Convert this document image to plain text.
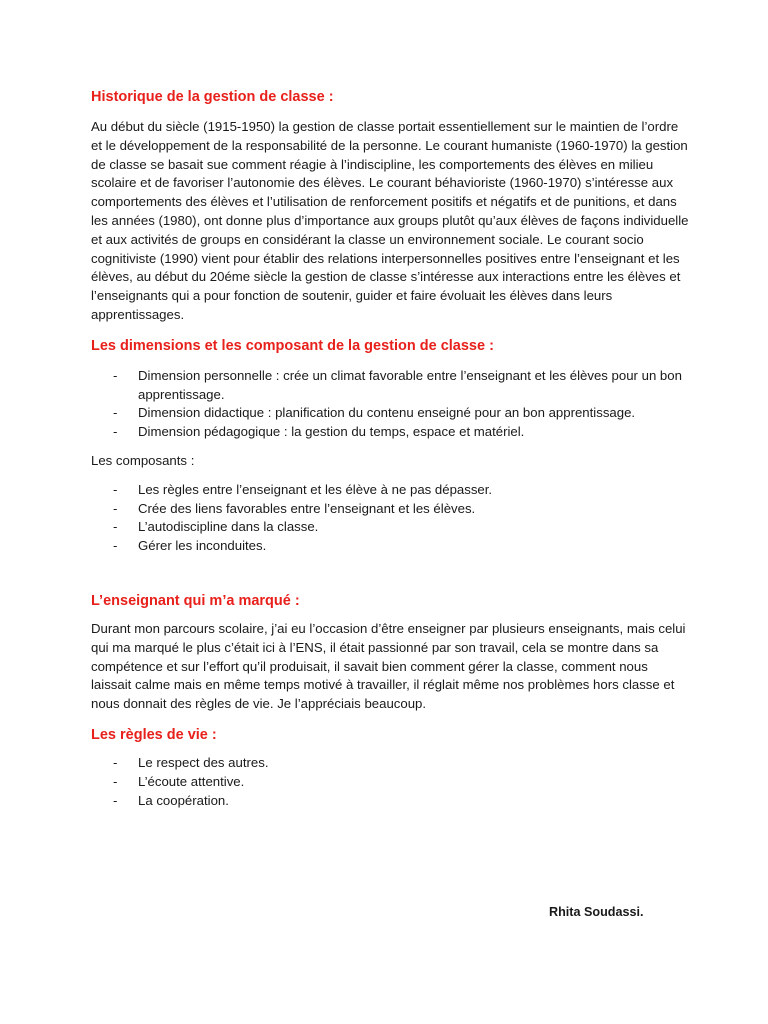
Historique de la gestion de classe :

Au début du siècle (1915-1950) la gestion de classe portait essentiellement sur le maintien de l’ordre et le développement de la responsabilité de la personne. Le courant humaniste (1960-1970) la gestion de classe se basait sue comment réagie à l’indiscipline, les comportements des élèves en milieu scolaire et de favoriser l’autonomie des élèves. Le courant béhavioriste (1960-1970) s’intéresse aux comportements des élèves et l’utilisation de renforcement positifs et négatifs et de punitions, et dans les années (1980), ont donne plus d’importance aux groups plutôt qu’aux élèves de façons individuelle et aux activités de groups en considérant la classe un environnement sociale. Le courant socio cognitiviste (1990) vient pour établir des relations interpersonnelles positives entre l’enseignant et les élèves, au début du 20éme siècle la gestion de classe s’intéresse aux interactions entre les élèves et l’enseignants qui a pour fonction de soutenir, guider et faire évoluait les élèves dans leurs apprentissages.

Les dimensions et les composant de la gestion de classe :
- Dimension personnelle : crée un climat favorable entre l’enseignant et les élèves pour un bon apprentissage.
- Dimension didactique : planification du contenu enseigné pour an bon apprentissage.
- Dimension pédagogique : la gestion du temps, espace et matériel.

Les composants :

- Les règles entre l’enseignant et les élève à ne pas dépasser.
- Crée des liens favorables entre l’enseignant et les élèves.
- L’autodiscipline dans la classe.
- Gérer les inconduites.
L’enseignant qui m’a marqué :

Durant mon parcours scolaire, j’ai eu l’occasion d’être enseigner par plusieurs enseignants, mais celui qui ma marqué le plus c’était ici à l’ENS, il était passionné par son travail, cela se montre dans sa compétence et sur l’effort qu’il produisait, il savait bien comment gérer la classe, comment nous laissait calme mais en même temps motivé à travailler, il réglait même nos problèmes hors classe et nous donnait des règles de vie. Je l’appréciais beaucoup.

Les règles de vie :
- Le respect des autres.
- L’écoute attentive.
- La coopération.
Rhita Soudassi.
